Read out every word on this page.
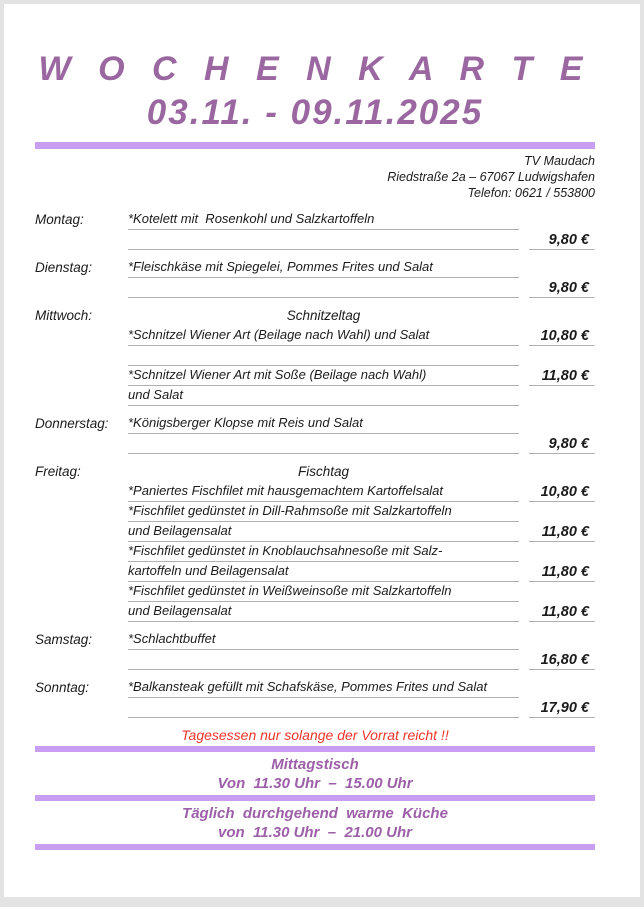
W O C H E N K A R T E
03.11. - 09.11.2025
TV Maudach
Riedstraße 2a – 67067 Ludwigshafen
Telefon: 0621 / 553800
Montag:	*Kotelett mit  Rosenkohl und Salzkartoffeln
9,80 €
Dienstag:	*Fleischkäse mit Spiegelei, Pommes Frites und Salat
9,80 €
Mittwoch:	Schnitzeltag
*Schnitzel Wiener Art (Beilage nach Wahl) und Salat	10,80 €
*Schnitzel Wiener Art mit Soße (Beilage nach Wahl)	11,80 €
und Salat
Donnerstag:	*Königsberger Klopse mit Reis und Salat
9,80 €
Freitag:	Fischtag
*Paniertes Fischfilet mit hausgemachtem Kartoffelsalat	10,80 €
*Fischfilet gedünstet in Dill-Rahmsoße mit Salzkartoffeln
und Beilagensalat	11,80 €
*Fischfilet gedünstet in Knoblauchsahnesoße mit Salz-
kartoffeln und Beilagensalat	11,80 €
*Fischfilet gedünstet in Weißweinsoße mit Salzkartoffeln
und Beilagensalat	11,80 €
Samstag:	*Schlachtbuffet
16,80 €
Sonntag:	*Balkansteak gefüllt mit Schafskäse, Pommes Frites und Salat
17,90 €
Tagesessen nur solange der Vorrat reicht !!
Mittagstisch
Von  11.30 Uhr  –  15.00 Uhr
Täglich  durchgehend  warme  Küche
von  11.30 Uhr  –  21.00 Uhr
